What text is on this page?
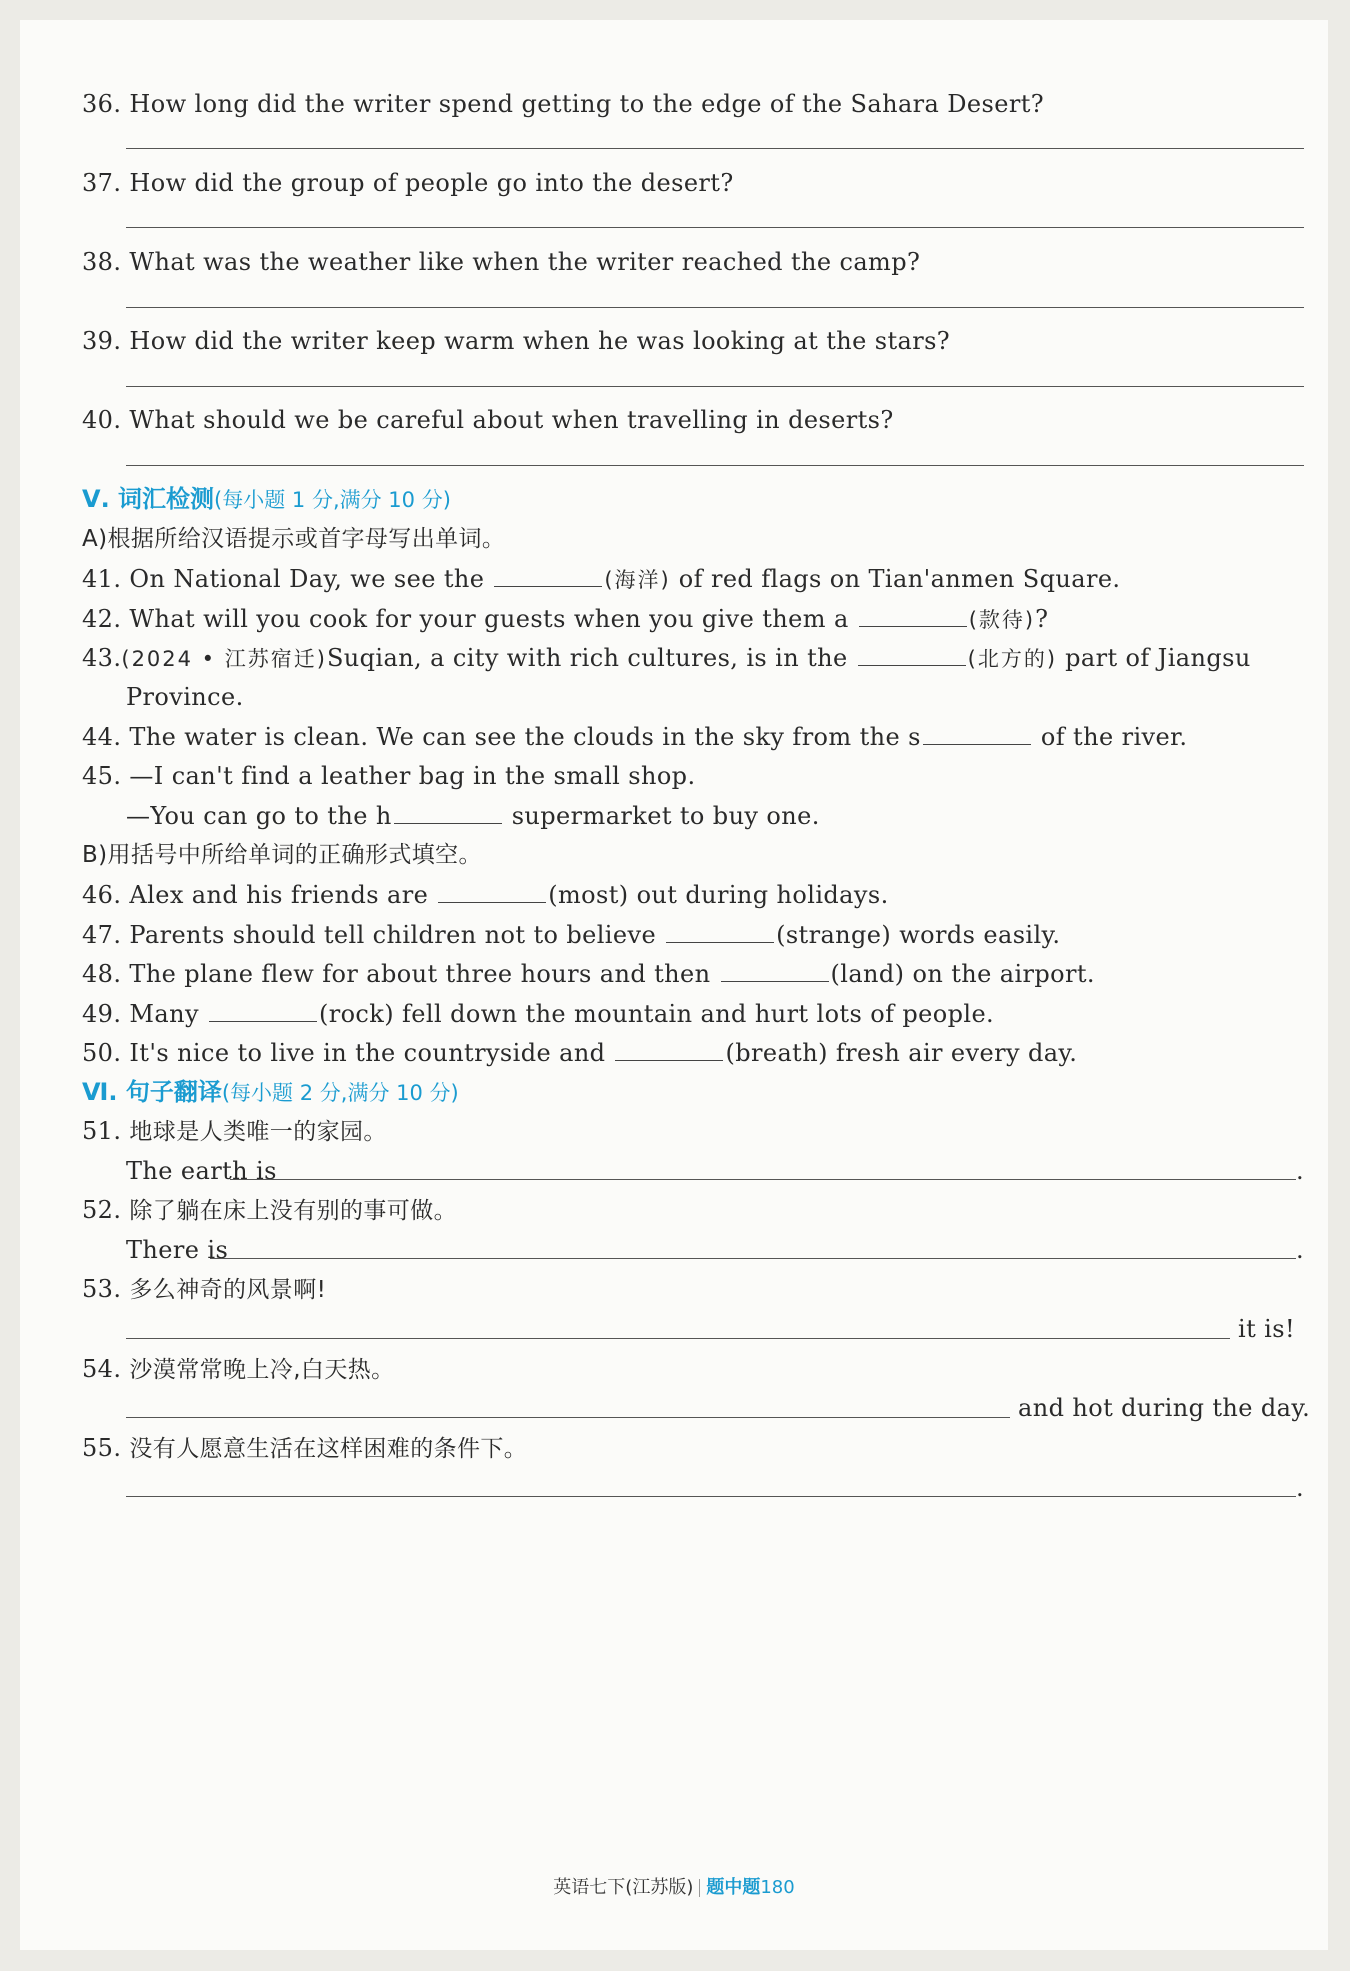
36. How long did the writer spend getting to the edge of the Sahara Desert?
37. How did the group of people go into the desert?
38. What was the weather like when the writer reached the camp?
39. How did the writer keep warm when he was looking at the stars?
40. What should we be careful about when travelling in deserts?
Ⅴ. 词汇检测(每小题 1 分,满分 10 分)
A)根据所给汉语提示或首字母写出单词。
41. On National Day, we see the	(海洋) of red flags on Tian'anmen Square.
42. What will you cook for your guests when you give them a	(款待)?
43.(2024 • 江苏宿迁)Suqian, a city with rich cultures, is in the	(北方的) part of Jiangsu
Province.
44. The water is clean. We can see the clouds in the sky from the s	of the river.
45. —I can't find a leather bag in the small shop.
—You can go to the h	supermarket to buy one.
B)用括号中所给单词的正确形式填空。
46. Alex and his friends are	(most) out during holidays.
47. Parents should tell children not to believe	(strange) words easily.
48. The plane flew for about three hours and then	(land) on the airport.
49. Many	(rock) fell down the mountain and hurt lots of people.
50. It's nice to live in the countryside and	(breath) fresh air every day.
Ⅵ. 句子翻译(每小题 2 分,满分 10 分)
51. 地球是人类唯一的家园。
The earth is	.
52. 除了躺在床上没有别的事可做。
There is	.
53. 多么神奇的风景啊!
it is!
54. 沙漠常常晚上冷,白天热。
and hot during the day.
55. 没有人愿意生活在这样困难的条件下。
.
英语七下(江苏版) 题中题180
